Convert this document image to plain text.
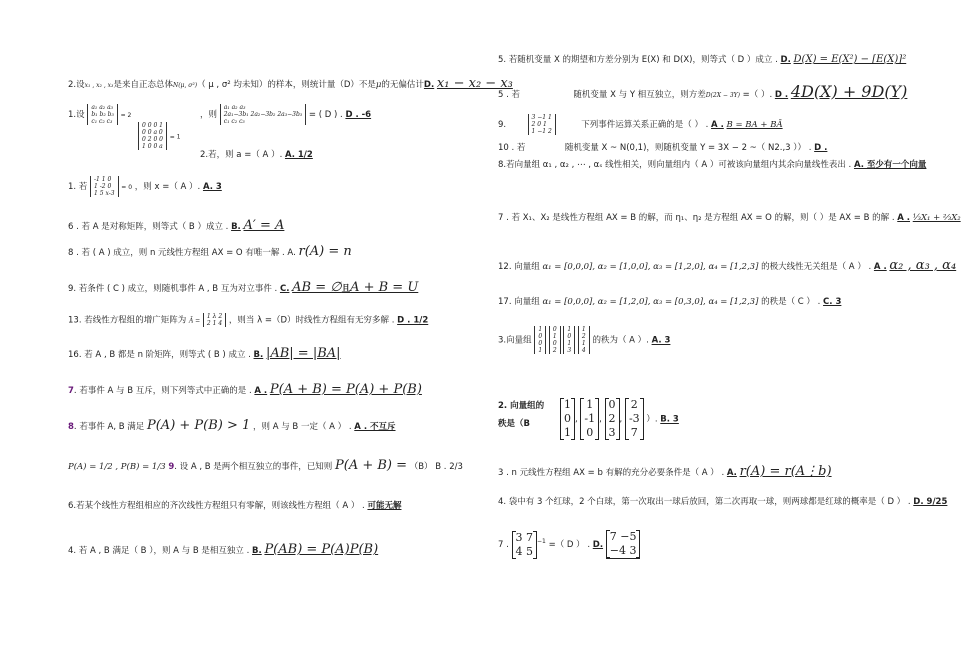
2.设x₁ , x₂ , x₃是来自正态总体N(μ, σ²)（ μ , σ² 均未知）的样本，则统计量（D）不是μ的无偏估计D. x₁ − x₂ − x₃
1.设
a₁ a₂ a₃
b₁ b₂ b₃
c₁ c₂ c₃
= 2	，则
a₁ a₂ a₃
2a₁−3b₁ 2a₂−3b₂ 2a₃−3b₃
c₁ c₂ c₃
= ( D ) . D . -6
0 0 0 1
0 0 a 0
0 2 0 0
1 0 0 a
= 1
2.若，则 a =（ A ）. A. 1/2
1. 若
-1 1 0
1 -2 0
1 5 x-3
= 0 ，则 x =（ A ）. A. 3
6 . 若 A 是对称矩阵，则等式（ B ）成立 . B. A′ = A
8 . 若 ( A ) 成立，则 n 元线性方程组 AX = O 有唯一解 . A. r(A) = n
9. 若条件 ( C ) 成立，则随机事件 A , B 互为对立事件 . C. AB = ∅且A + B = U
13. 若线性方程组的增广矩阵为 Ā =
1 λ 2
2 1 4 ，则当 λ =（D）时线性方程组有无穷多解 . D . 1/2
16. 若 A , B 都是 n 阶矩阵，则等式 ( B ) 成立 . B. |AB| = |BA|
7. 若事件 A 与 B 互斥，则下列等式中正确的是 . A . P(A + B) = P(A) + P(B)
8. 若事件 A, B 满足 P(A) + P(B) > 1 ，则 A 与 B 一定（ A ） . A . 不互斥
P(A) = 1/2 , P(B) = 1/3 9. 设 A , B 是两个相互独立的事件，已知则 P(A + B) = （B） B . 2/3
6.若某个线性方程组相应的齐次线性方程组只有零解，则该线性方程组（ A ） . 可能无解
4. 若 A , B 满足（ B ），则 A 与 B 是相互独立 . B. P(AB) = P(A)P(B)
5. 若随机变量 X 的期望和方差分别为 E(X) 和 D(X)，则等式（ D ）成立 . D. D(X) = E(X²) − [E(X)]²
5 . 若	随机变量 X 与 Y 相互独立，则方差D(2X − 3Y) =（ ）. D . 4D(X) + 9D(Y)
9.
3 −1 1
2 0 1
1 −1 2
下列事件运算关系正确的是（ ） . A . B = BA + BĀ
10 . 若	随机变量 X ~ N(0,1)，则随机变量 Y = 3X − 2 ~（ N2.,3 ）） . D .
8.若向量组 α₁ , α₂ , ⋯ , αₛ 线性相关，则向量组内（ A ）可被该向量组内其余向量线性表出 . A. 至少有一个向量
7 . 若 X₁、X₂ 是线性方程组 AX = B 的解，而 η₁、η₂ 是方程组 AX = O 的解，则（ ）是 AX = B 的解 . A . ⅓X₁ + ⅔X₂
12. 向量组 α₁ = [0,0,0], α₂ = [1,0,0], α₃ = [1,2,0], α₄ = [1,2,3] 的极大线性无关组是（ A ） . A . α₂ , α₃ , α₄
17. 向量组 α₁ = [0,0,0], α₂ = [1,2,0], α₃ = [0,3,0], α₄ = [1,2,3] 的秩是（ C ） . C. 3
3.向量组
1
0
0
1

0
1
0
2

1
0
1
3

1
2
1
4
的秩为（ A ）. A. 3
2. 向量组的
秩是（B
1
0
1
,
1
-1
0
,
0
2
3
,
2
-3
7
）. B. 3
3 . n 元线性方程组 AX = b 有解的充分必要条件是（ A ） . A. r(A) = r(A⋮b)
4. 袋中有 3 个红球，2 个白球，第一次取出一球后放回，第二次再取一球，则两球都是红球的概率是（ D ） . D. 9/25
7 .
3 7
4 5
$^{-1}$ =（ D ） . D.
7 −5
−4 3
